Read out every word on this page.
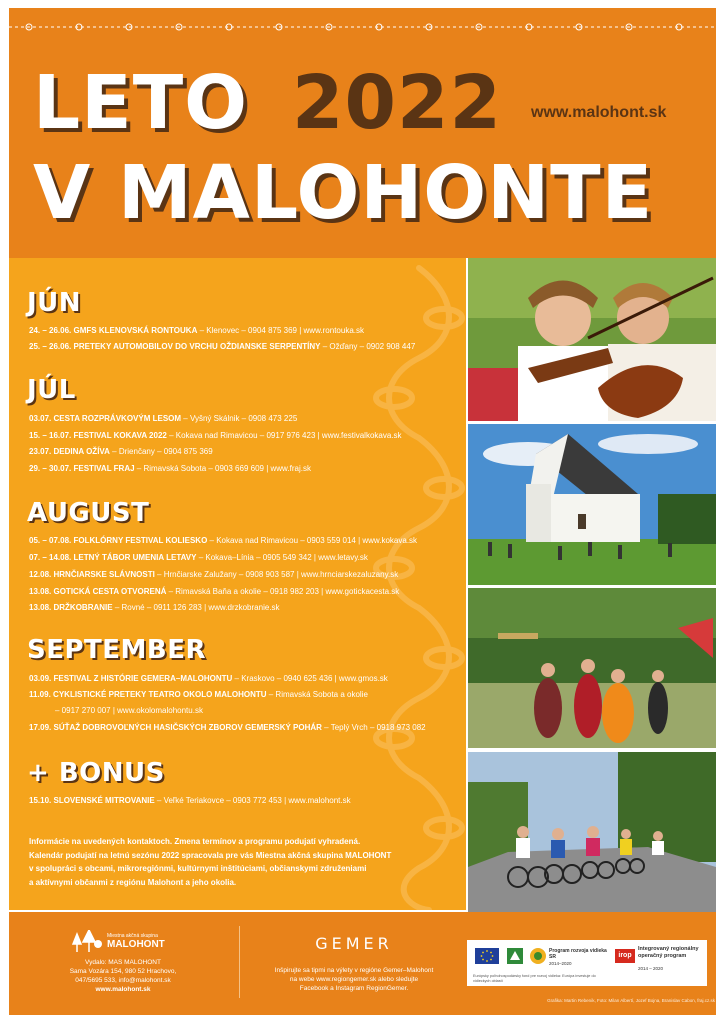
LETO 2022 www.malohont.sk
V MALOHONTE
JÚN
24. – 26.06. GMFS KLENOVSKÁ RONTOUKA – Klenovec – 0904 875 369 | www.rontouka.sk
25. – 26.06. PRETEKY AUTOMOBILOV DO VRCHU OŽDIANSKE SERPENTÍNY – Ožďany – 0902 908 447
JÚL
03.07. CESTA ROZPRÁVKOVÝM LESOM – Vyšný Skálnik – 0908 473 225
15. – 16.07. FESTIVAL KOKAVA 2022 – Kokava nad Rimavicou – 0917 976 423 | www.festivalkokava.sk
23.07. DEDINA OŽÍVA – Drienčany – 0904 875 369
29. – 30.07. FESTIVAL FRAJ – Rimavská Sobota – 0903 669 609 | www.fraj.sk
AUGUST
05. – 07.08. FOLKLÓRNY FESTIVAL KOLIESKO – Kokava nad Rimavicou – 0903 559 014 | www.kokava.sk
07. – 14.08. LETNÝ TÁBOR UMENIA LETAVY – Kokava–Línia – 0905 549 342 | www.letavy.sk
12.08. HRNČIARSKE SLÁVNOSTI – Hrnčiarske Zalužany – 0908 903 587 | www.hrnciarskezaluzany.sk
13.08. GOTICKÁ CESTA OTVORENÁ – Rimavská Baňa a okolie – 0918 982 203 | www.gotickacesta.sk
13.08. DRŽKOBRANIE – Rovné – 0911 126 283 | www.drzkobranie.sk
SEPTEMBER
03.09. FESTIVAL Z HISTÓRIE GEMERA–MALOHONTU – Kraskovo – 0940 625 436 | www.gmos.sk
11.09. CYKLISTICKÉ PRETEKY TEATRO OKOLO MALOHONTU – Rimavská Sobota a okolie
– 0917 270 007 | www.okolomalohontu.sk
17.09. SÚŤAŽ DOBROVOĽNÝCH HASIČSKÝCH ZBOROV GEMERSKÝ POHÁR – Teplý Vrch – 0918 973 082
+ BONUS
15.10. SLOVENSKÉ MITROVANIE – Veľké Teriakovce – 0903 772 453 | www.malohont.sk
Informácie na uvedených kontaktoch. Zmena termínov a programu podujatí vyhradená.
Kalendár podujatí na letnú sezónu 2022 spracovala pre vás Miestna akčná skupina MALOHONT
v spolupráci s obcami, mikroregiónmi, kultúrnymi inštitúciami, občianskymi združeniami
a aktívnymi občanmi z regiónu Malohont a jeho okolia.
Miestna akčná skupina
MALOHONT
Vydalo: MAS MALOHONT
Sama Vozára 154, 980 52 Hrachovo,
047/5695 533, info@malohont.sk
www.malohont.sk
GEMER
Inšpirujte sa tipmi na výlety v regióne Gemer–Malohont
na webe www.regiongemer.sk alebo sledujte
Facebook a Instagram RegionGemer.
Program rozvoja vidieka SR
2014–2020
Európsky poľnohospodársky fond pre rozvoj vidieka: Európa investuje do vidieckych oblastí
irop
Integrovaný regionálny operačný program
2014 – 2020
Grafika: Martin Rebenik, Foto: Milan Albertí, Jozef Bojna, Branislav Cabon, fraj.cz.sk
